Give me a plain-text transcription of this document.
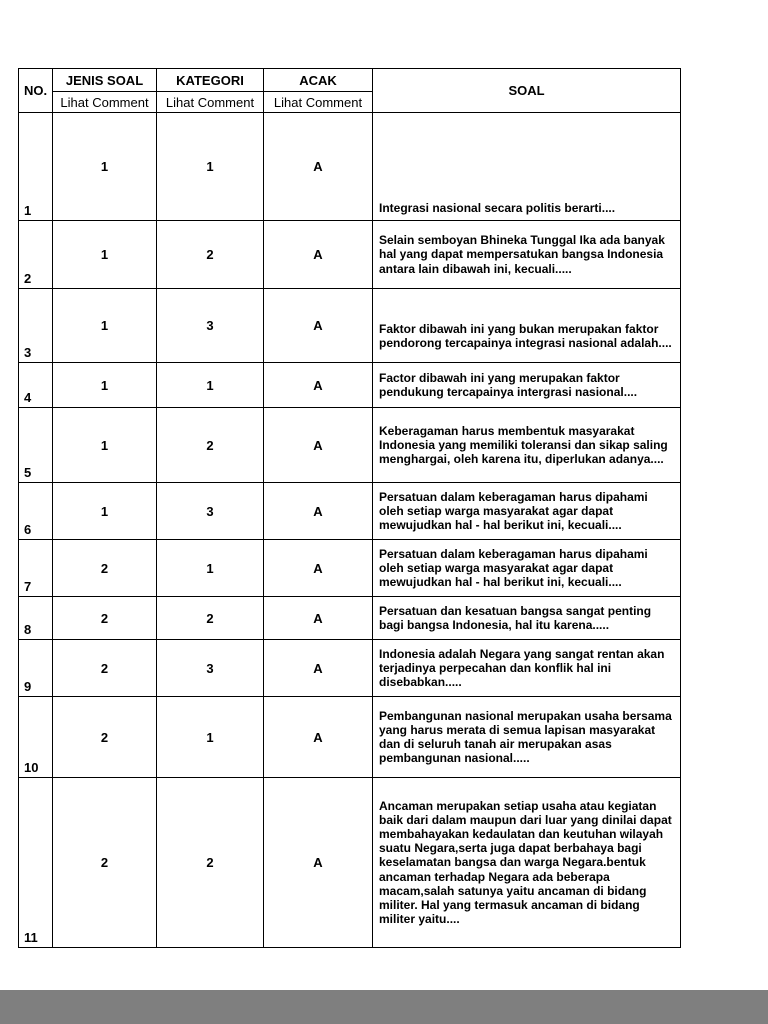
NO.	JENIS SOAL	KATEGORI	ACAK	SOAL
	Lihat Comment	Lihat Comment	Lihat Comment	
1	1	1	A	Integrasi nasional secara politis berarti....
2	1	2	A	Selain semboyan Bhineka Tunggal Ika ada banyak hal yang dapat mempersatukan bangsa Indonesia antara lain dibawah ini, kecuali.....
3	1	3	A	Faktor dibawah ini yang bukan merupakan faktor pendorong tercapainya integrasi nasional adalah....
4	1	1	A	Factor dibawah ini yang merupakan faktor pendukung tercapainya intergrasi nasional....
5	1	2	A	Keberagaman harus membentuk masyarakat Indonesia yang memiliki toleransi dan sikap saling menghargai, oleh karena itu, diperlukan adanya....
6	1	3	A	Persatuan dalam keberagaman harus dipahami oleh setiap warga masyarakat agar dapat mewujudkan hal - hal berikut ini, kecuali....
7	2	1	A	Persatuan dalam keberagaman harus dipahami oleh setiap warga masyarakat agar dapat mewujudkan hal - hal berikut ini, kecuali....
8	2	2	A	Persatuan dan kesatuan bangsa sangat penting bagi bangsa Indonesia, hal itu karena.....
9	2	3	A	Indonesia adalah Negara yang sangat rentan akan terjadinya perpecahan dan konflik hal ini disebabkan.....
10	2	1	A	Pembangunan nasional merupakan usaha bersama yang harus merata di semua lapisan masyarakat dan di seluruh tanah air merupakan asas pembangunan nasional.....
11	2	2	A	Ancaman merupakan setiap usaha atau kegiatan baik dari dalam maupun dari luar yang dinilai dapat membahayakan kedaulatan dan keutuhan wilayah suatu Negara,serta juga dapat berbahaya bagi keselamatan bangsa dan warga Negara.bentuk ancaman terhadap Negara ada beberapa macam,salah satunya yaitu ancaman di bidang militer. Hal yang termasuk ancaman di bidang militer yaitu....
